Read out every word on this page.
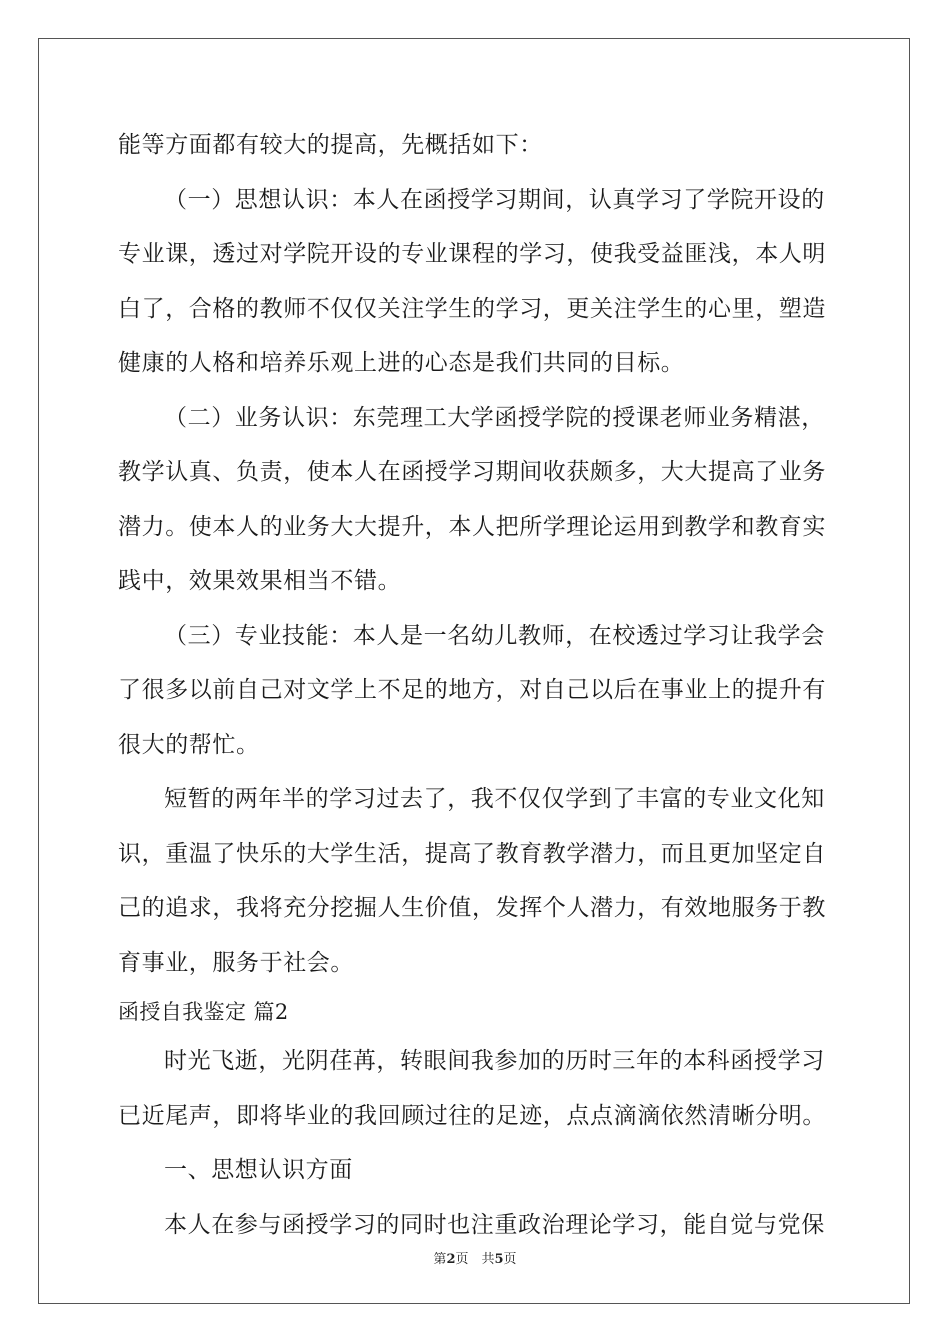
能等方面都有较大的提高，先概括如下：
（一）思想认识：本人在函授学习期间，认真学习了学院开设的
专业课，透过对学院开设的专业课程的学习，使我受益匪浅，本人明
白了，合格的教师不仅仅关注学生的学习，更关注学生的心里，塑造
健康的人格和培养乐观上进的心态是我们共同的目标。
（二）业务认识：东莞理工大学函授学院的授课老师业务精湛，
教学认真、负责，使本人在函授学习期间收获颇多，大大提高了业务
潜力。使本人的业务大大提升，本人把所学理论运用到教学和教育实
践中，效果效果相当不错。
（三）专业技能：本人是一名幼儿教师，在校透过学习让我学会
了很多以前自己对文学上不足的地方，对自己以后在事业上的提升有
很大的帮忙。
短暂的两年半的学习过去了，我不仅仅学到了丰富的专业文化知
识，重温了快乐的大学生活，提高了教育教学潜力，而且更加坚定自
己的追求，我将充分挖掘人生价值，发挥个人潜力，有效地服务于教
育事业，服务于社会。
函授自我鉴定 篇2
时光飞逝，光阴荏苒，转眼间我参加的历时三年的本科函授学习
已近尾声，即将毕业的我回顾过往的足迹，点点滴滴依然清晰分明。
一、思想认识方面
本人在参与函授学习的同时也注重政治理论学习，能自觉与党保
第2页　共5页
